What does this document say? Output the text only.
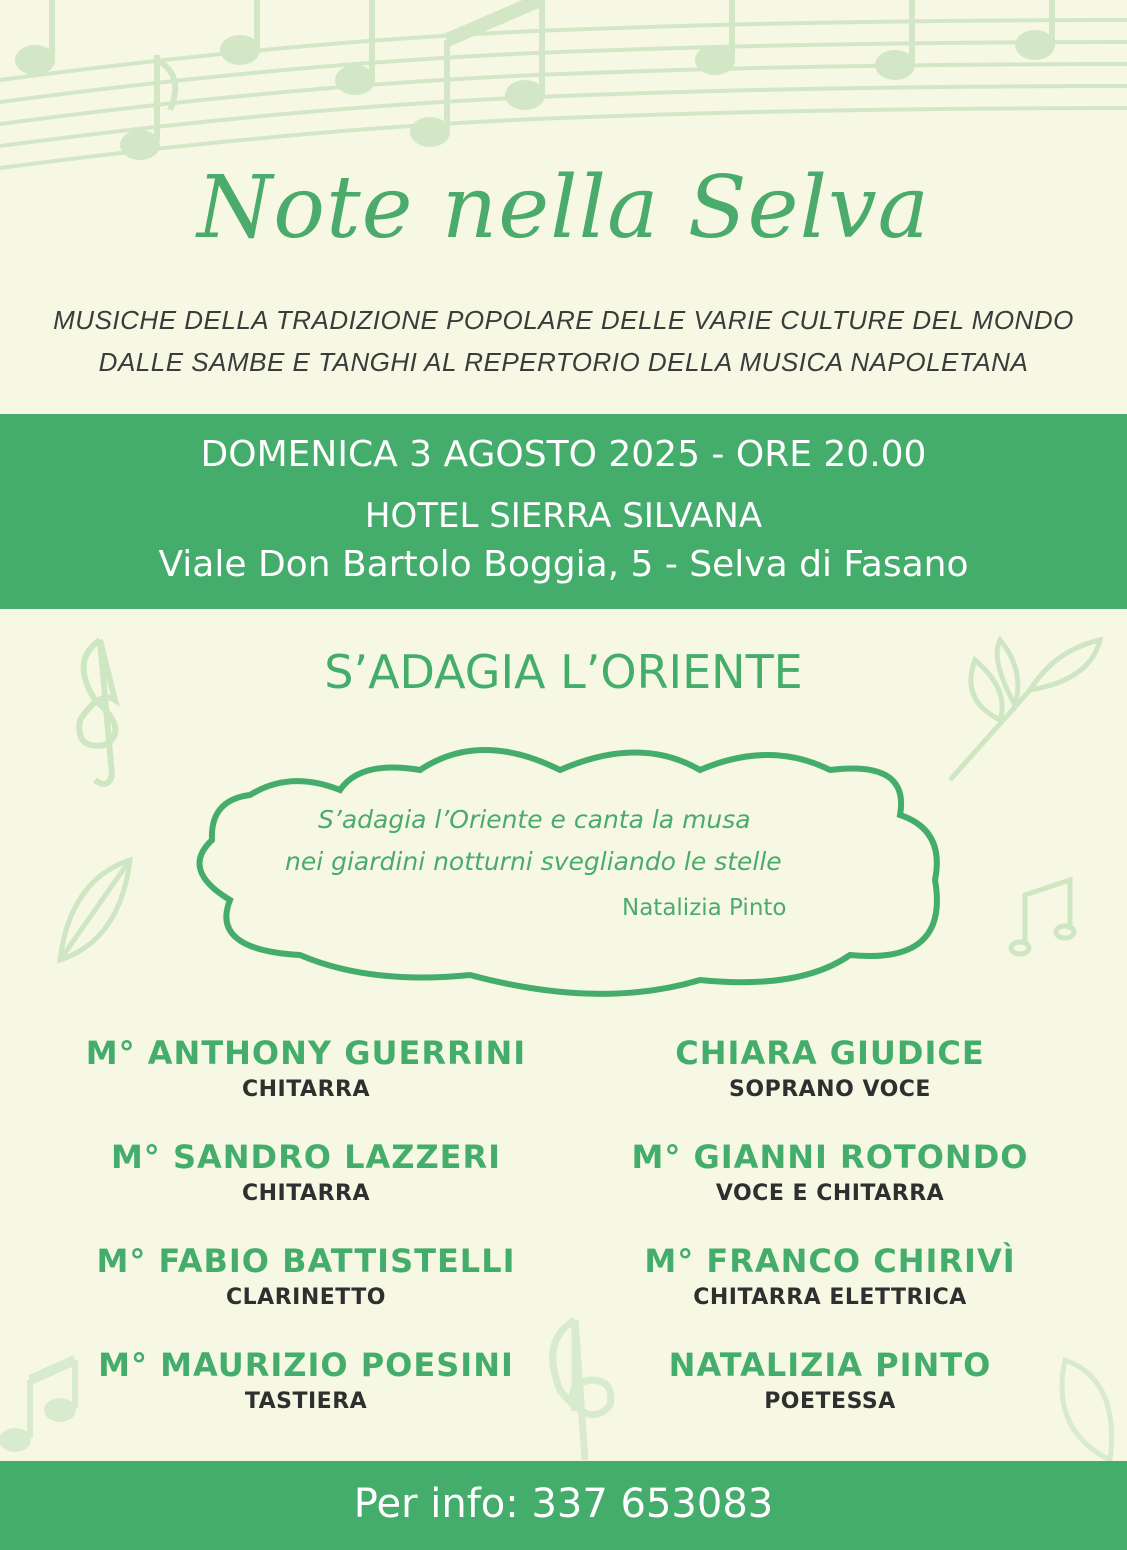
Note nella Selva
MUSICHE DELLA TRADIZIONE POPOLARE DELLE VARIE CULTURE DEL MONDO
DALLE SAMBE E TANGHI AL REPERTORIO DELLA MUSICA NAPOLETANA
DOMENICA 3 AGOSTO 2025 - ORE 20.00
HOTEL SIERRA SILVANA
Viale Don Bartolo Boggia, 5 - Selva di Fasano
S’ADAGIA L’ORIENTE
S’adagia l’Oriente e canta la musa
nei giardini notturni svegliando le stelle
Natalizia Pinto
M° ANTHONY GUERRINI
CHITARRA
CHIARA GIUDICE
SOPRANO VOCE
M° SANDRO LAZZERI
CHITARRA
M° GIANNI ROTONDO
VOCE E CHITARRA
M° FABIO BATTISTELLI
CLARINETTO
M° FRANCO CHIRIVÌ
CHITARRA ELETTRICA
M° MAURIZIO POESINI
TASTIERA
NATALIZIA PINTO
POETESSA
Per info: 337 653083
